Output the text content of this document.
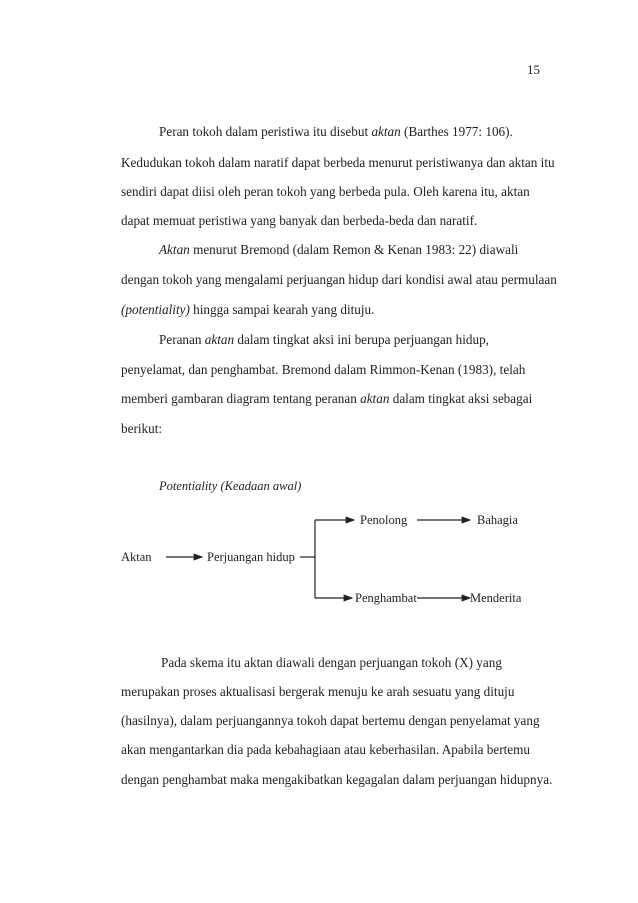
15
Peran tokoh dalam peristiwa itu disebut aktan (Barthes 1977: 106).
Kedudukan tokoh dalam naratif dapat berbeda menurut peristiwanya dan aktan itu
sendiri dapat diisi oleh peran tokoh yang berbeda pula. Oleh karena itu, aktan
dapat memuat peristiwa yang banyak dan berbeda-beda dan naratif.
Aktan menurut Bremond (dalam Remon & Kenan 1983: 22) diawali
dengan tokoh yang mengalami perjuangan hidup dari kondisi awal atau permulaan
(potentiality) hingga sampai kearah yang dituju.
Peranan aktan dalam tingkat aksi ini berupa perjuangan hidup,
penyelamat, dan penghambat. Bremond dalam Rimmon-Kenan (1983), telah
memberi gambaran diagram tentang peranan aktan dalam tingkat aksi sebagai
berikut:
Potentiality (Keadaan awal)
Aktan	Perjuangan hidup
Penolong	Bahagia
Penghambat	Menderita
Pada skema itu aktan diawali dengan perjuangan tokoh (X) yang
merupakan proses aktualisasi bergerak menuju ke arah sesuatu yang dituju
(hasilnya), dalam perjuangannya tokoh dapat bertemu dengan penyelamat yang
akan mengantarkan dia pada kebahagiaan atau keberhasilan. Apabila bertemu
dengan penghambat maka mengakibatkan kegagalan dalam perjuangan hidupnya.
